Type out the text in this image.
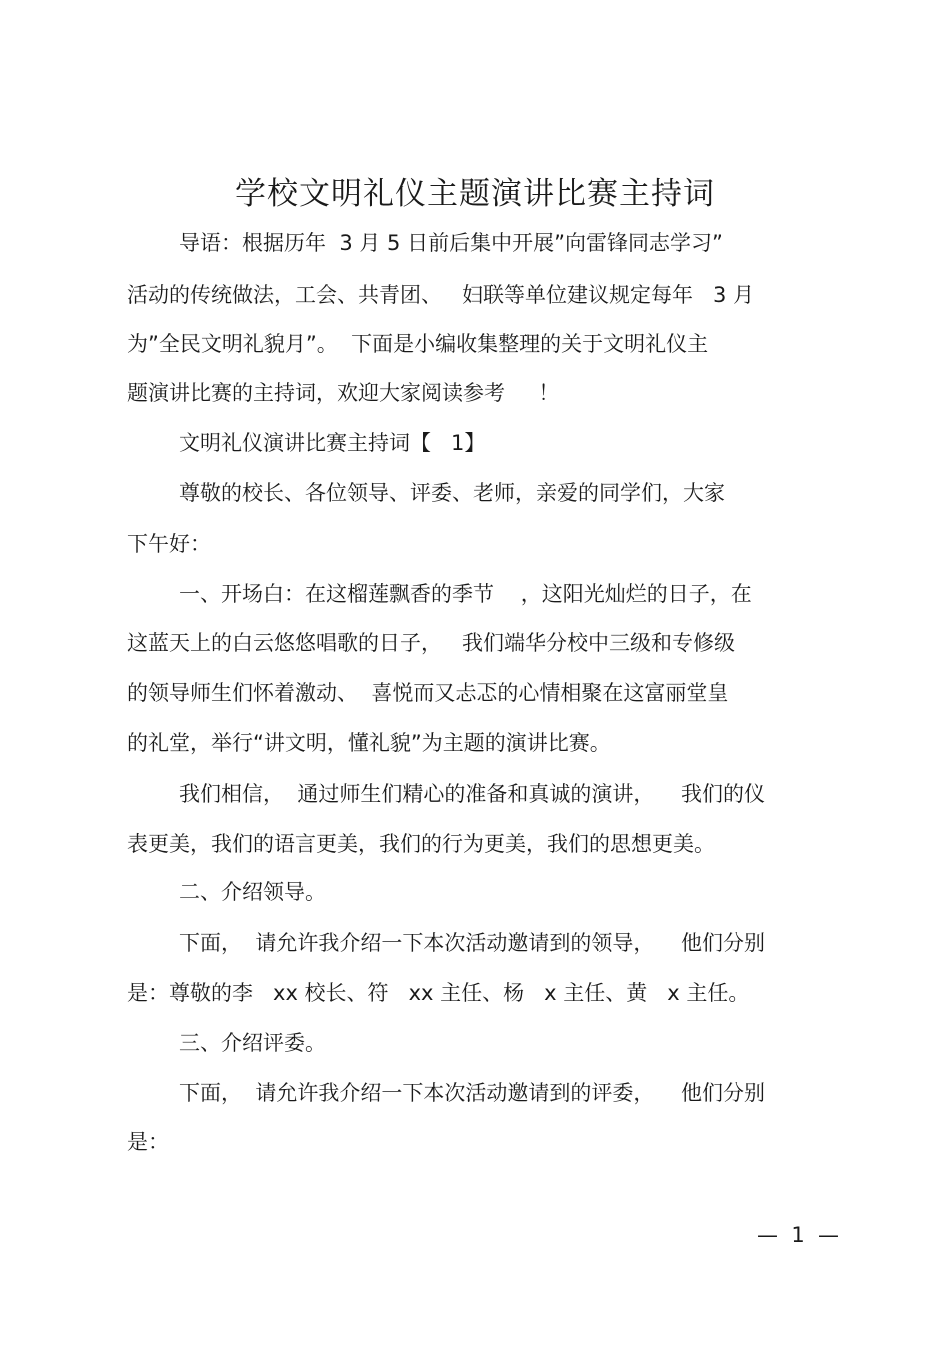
学校文明礼仪主题演讲比赛主持词
导语：根据历年  3 月 5 日前后集中开展”向雷锋同志学习”
活动的传统做法，工会、共青团、   妇联等单位建议规定每年   3 月
为”全民文明礼貌月”。  下面是小编收集整理的关于文明礼仪主
题演讲比赛的主持词，欢迎大家阅读参考     ！
文明礼仪演讲比赛主持词【   1】
尊敬的校长、各位领导、评委、老师，亲爱的同学们，大家
下午好：
一、开场白：在这榴莲飘香的季节    ，这阳光灿烂的日子，在
这蓝天上的白云悠悠唱歌的日子，   我们端华分校中三级和专修级
的领导师生们怀着激动、  喜悦而又忐忑的心情相聚在这富丽堂皇
的礼堂，举行“讲文明，懂礼貌”为主题的演讲比赛。
我们相信，  通过师生们精心的准备和真诚的演讲，    我们的仪
表更美，我们的语言更美，我们的行为更美，我们的思想更美。
二、介绍领导。
下面，  请允许我介绍一下本次活动邀请到的领导，    他们分别
是：尊敬的李   xx 校长、符   xx 主任、杨   x 主任、黄   x 主任。
三、介绍评委。
下面，  请允许我介绍一下本次活动邀请到的评委，    他们分别
是：
—  1  —
